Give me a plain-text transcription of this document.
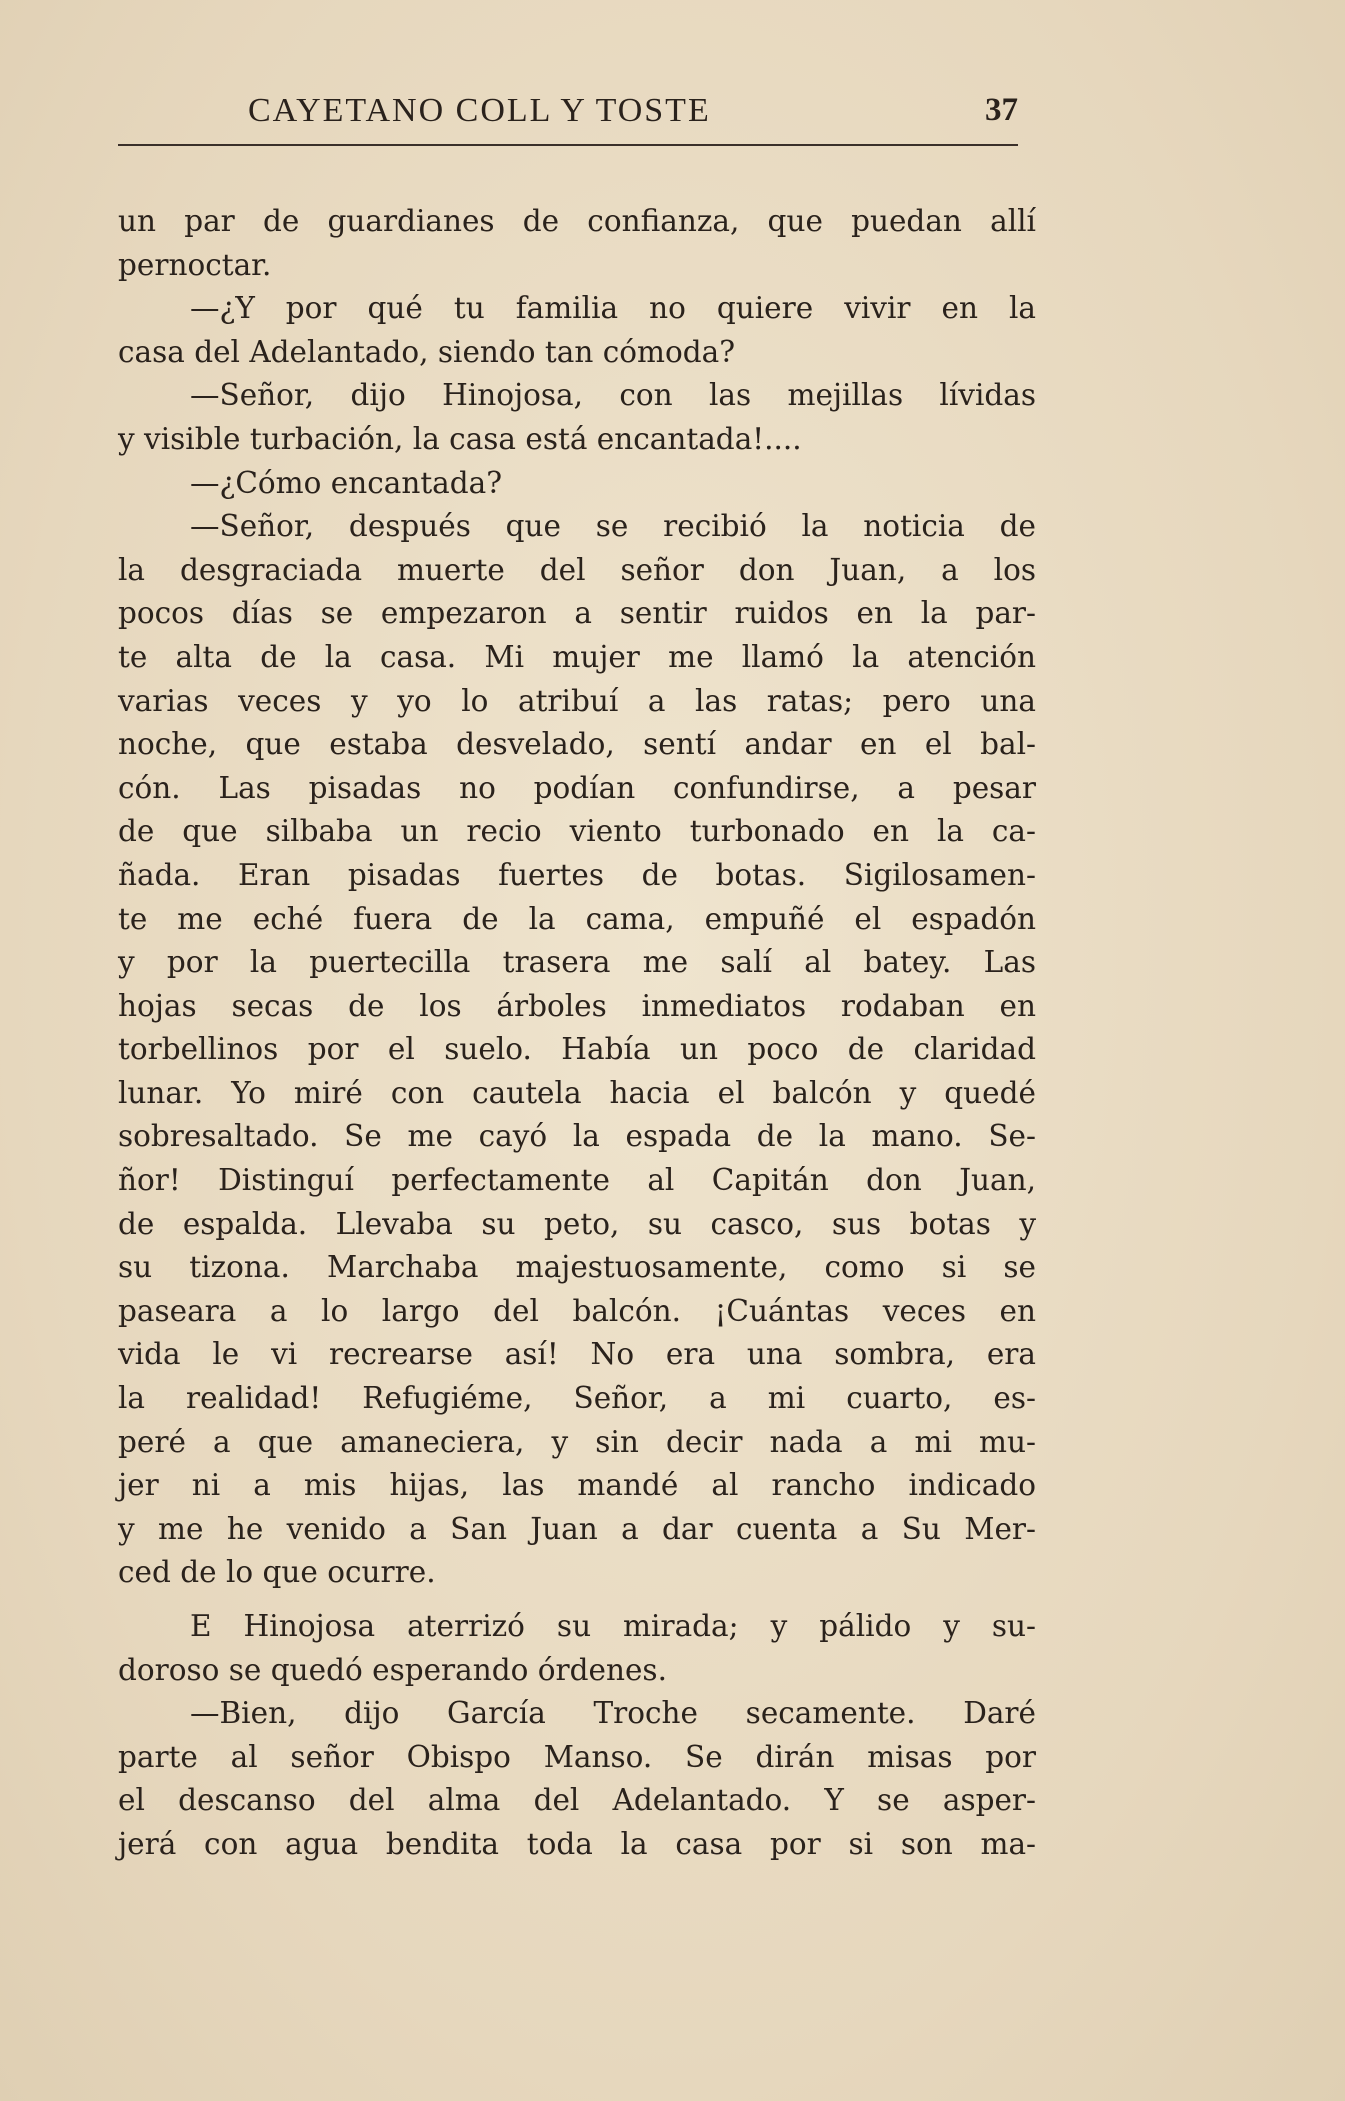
CAYETANO COLL Y TOSTE	37
un par de guardianes de confianza, que puedan allí
pernoctar.
—¿Y por qué tu familia no quiere vivir en la
casa del Adelantado, siendo tan cómoda?
—Señor, dijo Hinojosa, con las mejillas lívidas
y visible turbación, la casa está encantada!....
—¿Cómo encantada?
—Señor, después que se recibió la noticia de
la desgraciada muerte del señor don Juan, a los
pocos días se empezaron a sentir ruidos en la par-
te alta de la casa. Mi mujer me llamó la atención
varias veces y yo lo atribuí a las ratas; pero una
noche, que estaba desvelado, sentí andar en el bal-
cón. Las pisadas no podían confundirse, a pesar
de que silbaba un recio viento turbonado en la ca-
ñada. Eran pisadas fuertes de botas. Sigilosamen-
te me eché fuera de la cama, empuñé el espadón
y por la puertecilla trasera me salí al batey. Las
hojas secas de los árboles inmediatos rodaban en
torbellinos por el suelo. Había un poco de claridad
lunar. Yo miré con cautela hacia el balcón y quedé
sobresaltado. Se me cayó la espada de la mano. Se-
ñor! Distinguí perfectamente al Capitán don Juan,
de espalda. Llevaba su peto, su casco, sus botas y
su tizona. Marchaba majestuosamente, como si se
paseara a lo largo del balcón. ¡Cuántas veces en
vida le vi recrearse así! No era una sombra, era
la realidad! Refugiéme, Señor, a mi cuarto, es-
peré a que amaneciera, y sin decir nada a mi mu-
jer ni a mis hijas, las mandé al rancho indicado
y me he venido a San Juan a dar cuenta a Su Mer-
ced de lo que ocurre.
E Hinojosa aterrizó su mirada; y pálido y su-
doroso se quedó esperando órdenes.
—Bien, dijo García Troche secamente. Daré
parte al señor Obispo Manso. Se dirán misas por
el descanso del alma del Adelantado. Y se asper-
jerá con agua bendita toda la casa por si son ma-
